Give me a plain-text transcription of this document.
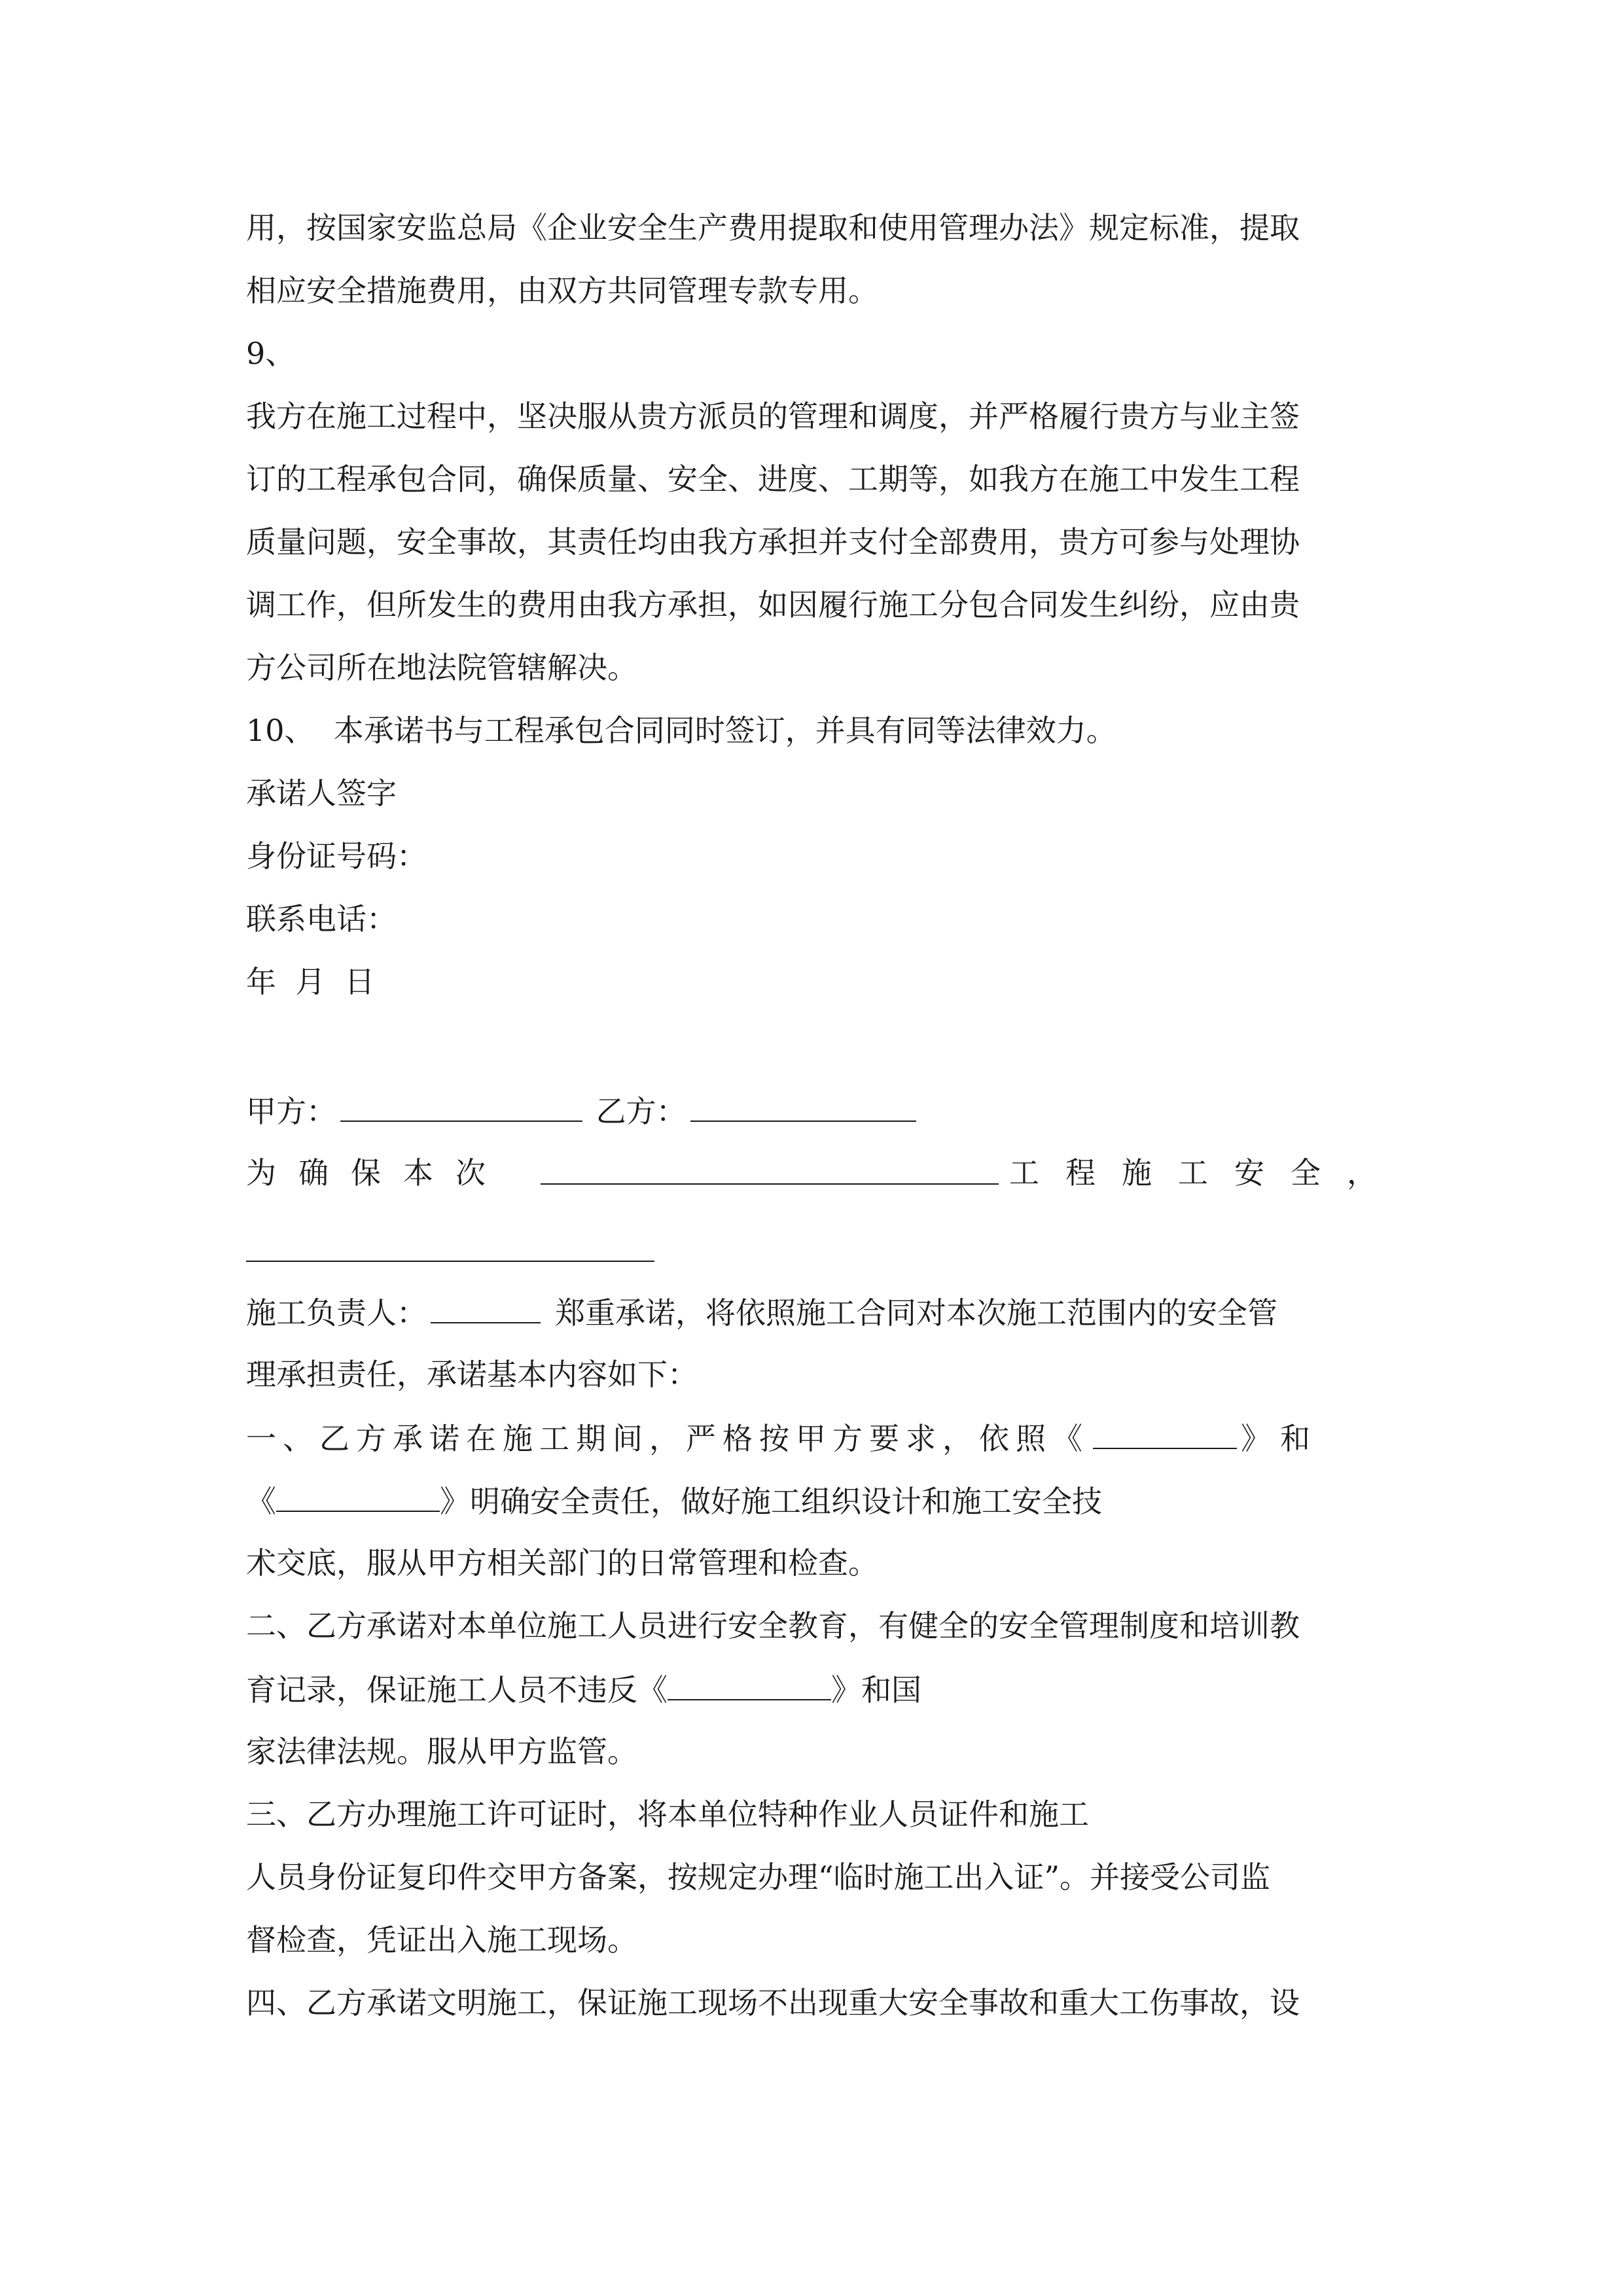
用，按国家安监总局《企业安全生产费用提取和使用管理办法》规定标准，提取

相应安全措施费用，由双方共同管理专款专用。

9、

我方在施工过程中，坚决服从贵方派员的管理和调度，并严格履行贵方与业主签

订的工程承包合同，确保质量、安全、进度、工期等，如我方在施工中发生工程

质量问题，安全事故，其责任均由我方承担并支付全部费用，贵方可参与处理协

调工作，但所发生的费用由我方承担，如因履行施工分包合同发生纠纷，应由贵

方公司所在地法院管辖解决。

10、  本承诺书与工程承包合同同时签订，并具有同等法律效力。

承诺人签字

身份证号码：

联系电话：

年  月  日

甲方：	乙方：

为确保本次	工程施工安全，

施工负责人：	郑重承诺，将依照施工合同对本次施工范围内的安全管

理承担责任，承诺基本内容如下：

一、乙方承诺在施工期间，严格按甲方要求，依照《	》和

《	》明确安全责任，做好施工组织设计和施工安全技

术交底，服从甲方相关部门的日常管理和检查。

二、乙方承诺对本单位施工人员进行安全教育，有健全的安全管理制度和培训教

育记录，保证施工人员不违反《	》和国

家法律法规。服从甲方监管。

三、乙方办理施工许可证时，将本单位特种作业人员证件和施工

人员身份证复印件交甲方备案，按规定办理“临时施工出入证”。并接受公司监

督检查，凭证出入施工现场。

四、乙方承诺文明施工，保证施工现场不出现重大安全事故和重大工伤事故，设
